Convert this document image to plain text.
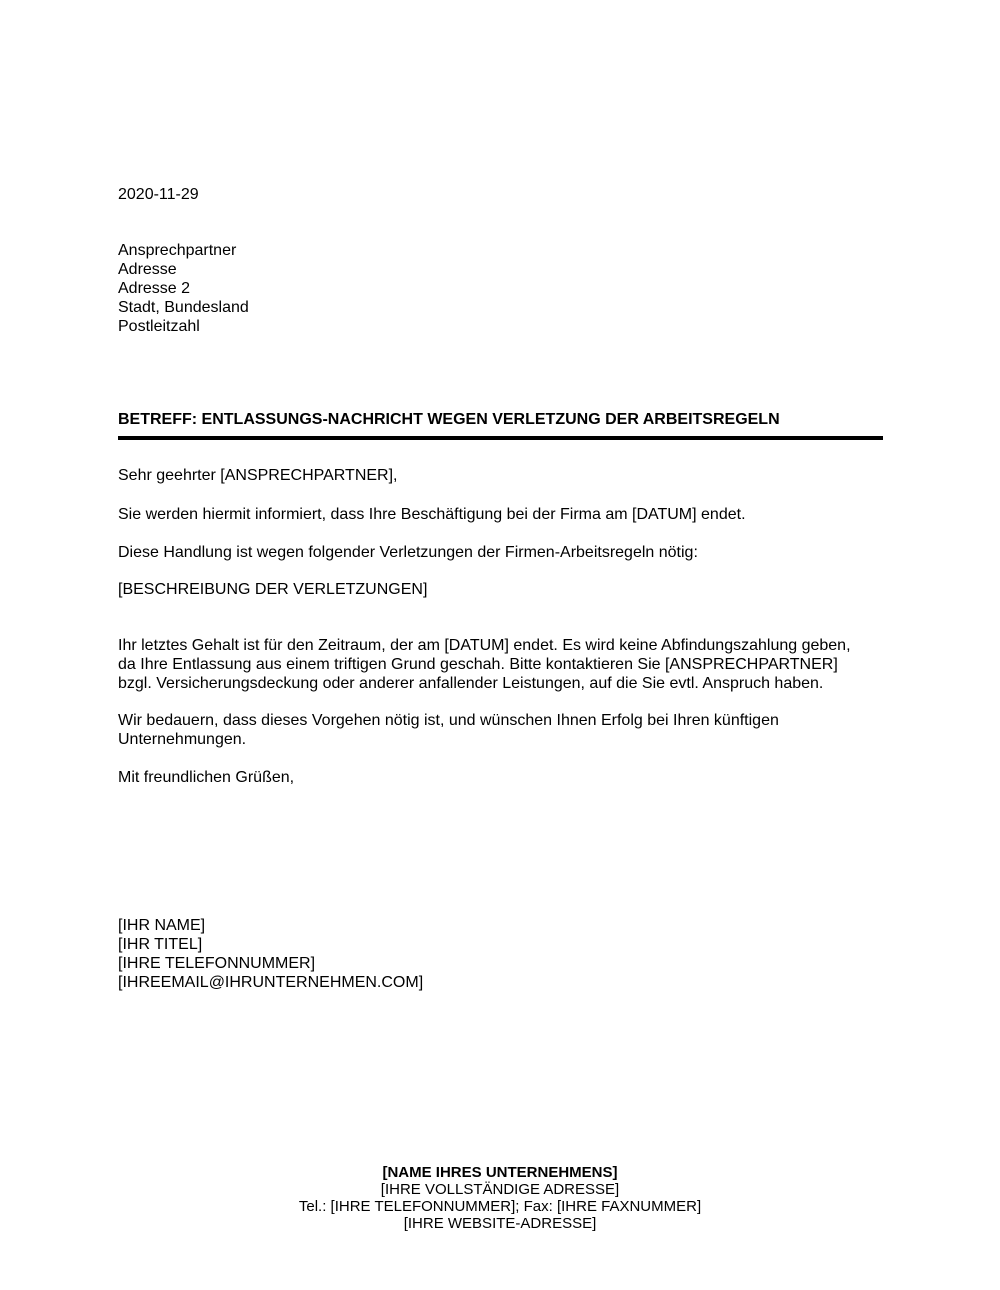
2020-11-29
Ansprechpartner
Adresse
Adresse 2
Stadt, Bundesland
Postleitzahl
BETREFF: ENTLASSUNGS-NACHRICHT WEGEN VERLETZUNG DER ARBEITSREGELN
Sehr geehrter [ANSPRECHPARTNER],
Sie werden hiermit informiert, dass Ihre Beschäftigung bei der Firma am [DATUM] endet.
Diese Handlung ist wegen folgender Verletzungen der Firmen-Arbeitsregeln nötig:
[BESCHREIBUNG DER VERLETZUNGEN]
Ihr letztes Gehalt ist für den Zeitraum, der am [DATUM] endet. Es wird keine Abfindungszahlung geben,
da Ihre Entlassung aus einem triftigen Grund geschah. Bitte kontaktieren Sie [ANSPRECHPARTNER]
bzgl. Versicherungsdeckung oder anderer anfallender Leistungen, auf die Sie evtl. Anspruch haben.
Wir bedauern, dass dieses Vorgehen nötig ist, und wünschen Ihnen Erfolg bei Ihren künftigen
Unternehmungen.
Mit freundlichen Grüßen,
[IHR NAME]
[IHR TITEL]
[IHRE TELEFONNUMMER]
[IHREEMAIL@IHRUNTERNEHMEN.COM]
[NAME IHRES UNTERNEHMENS]
[IHRE VOLLSTÄNDIGE ADRESSE]
Tel.: [IHRE TELEFONNUMMER]; Fax: [IHRE FAXNUMMER]
[IHRE WEBSITE-ADRESSE]
